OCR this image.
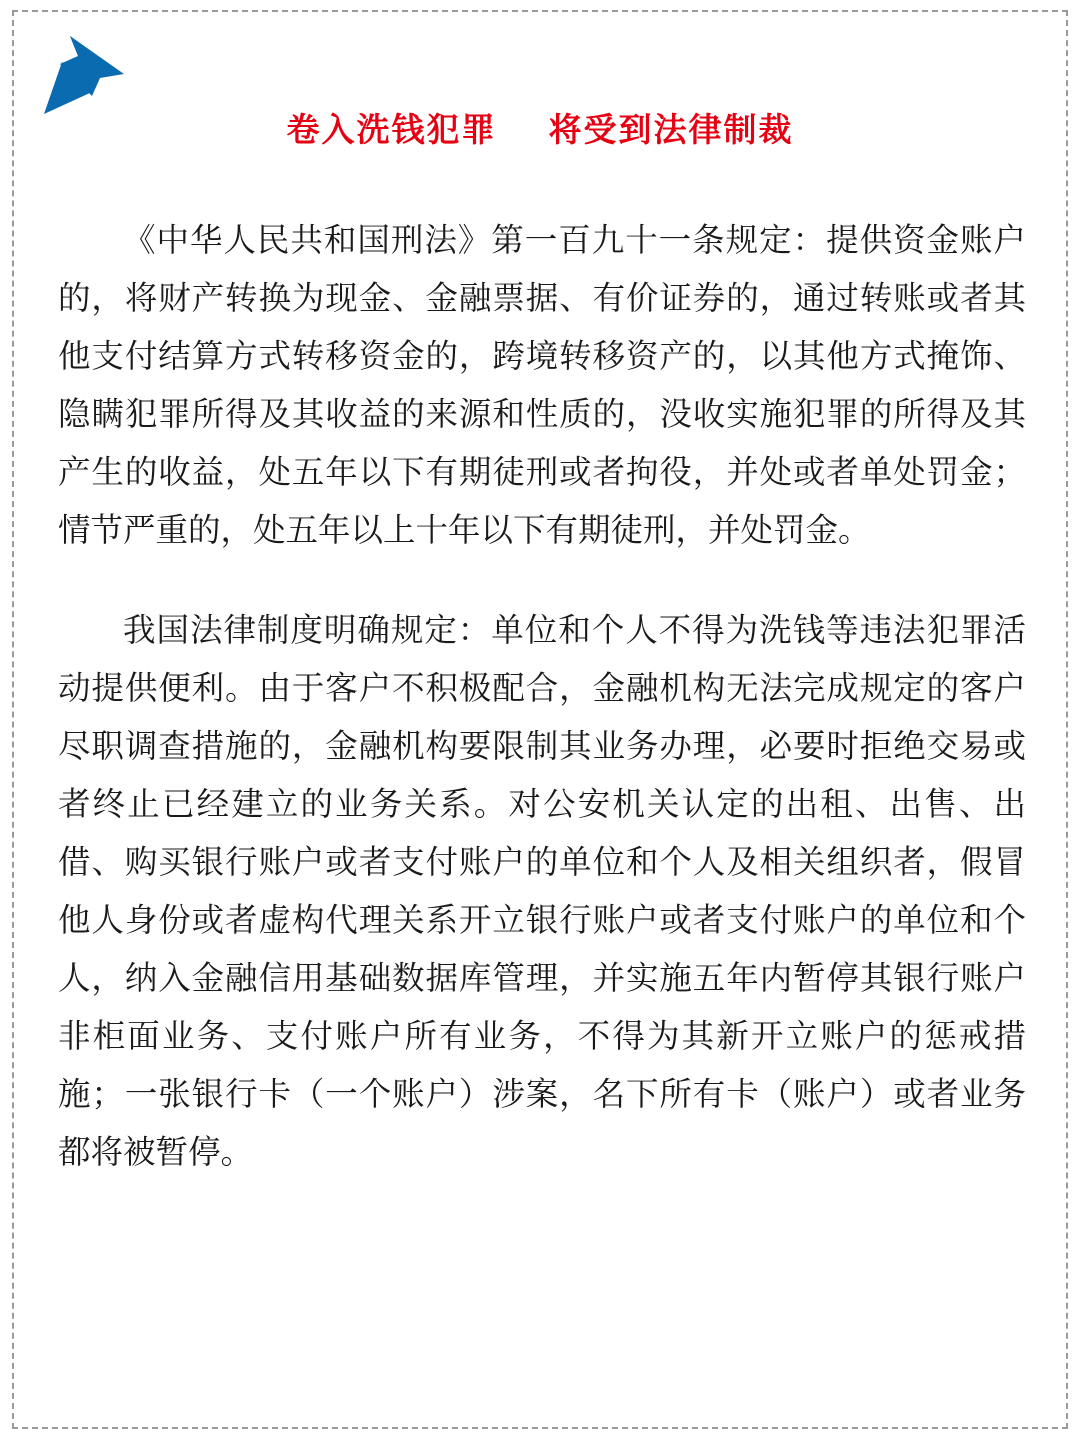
卷入洗钱犯罪 将受到法律制裁

《中华人民共和国刑法》第一百九十一条规定：提供资金账户的，将财产转换为现金、金融票据、有价证券的，通过转账或者其他支付结算方式转移资金的，跨境转移资产的，以其他方式掩饰、隐瞒犯罪所得及其收益的来源和性质的，没收实施犯罪的所得及其产生的收益，处五年以下有期徒刑或者拘役，并处或者单处罚金；情节严重的，处五年以上十年以下有期徒刑，并处罚金。

我国法律制度明确规定：单位和个人不得为洗钱等违法犯罪活动提供便利。由于客户不积极配合，金融机构无法完成规定的客户尽职调查措施的，金融机构要限制其业务办理，必要时拒绝交易或者终止已经建立的业务关系。对公安机关认定的出租、出售、出借、购买银行账户或者支付账户的单位和个人及相关组织者，假冒他人身份或者虚构代理关系开立银行账户或者支付账户的单位和个人，纳入金融信用基础数据库管理，并实施五年内暂停其银行账户非柜面业务、支付账户所有业务，不得为其新开立账户的惩戒措施；一张银行卡（一个账户）涉案，名下所有卡（账户）或者业务都将被暂停。
